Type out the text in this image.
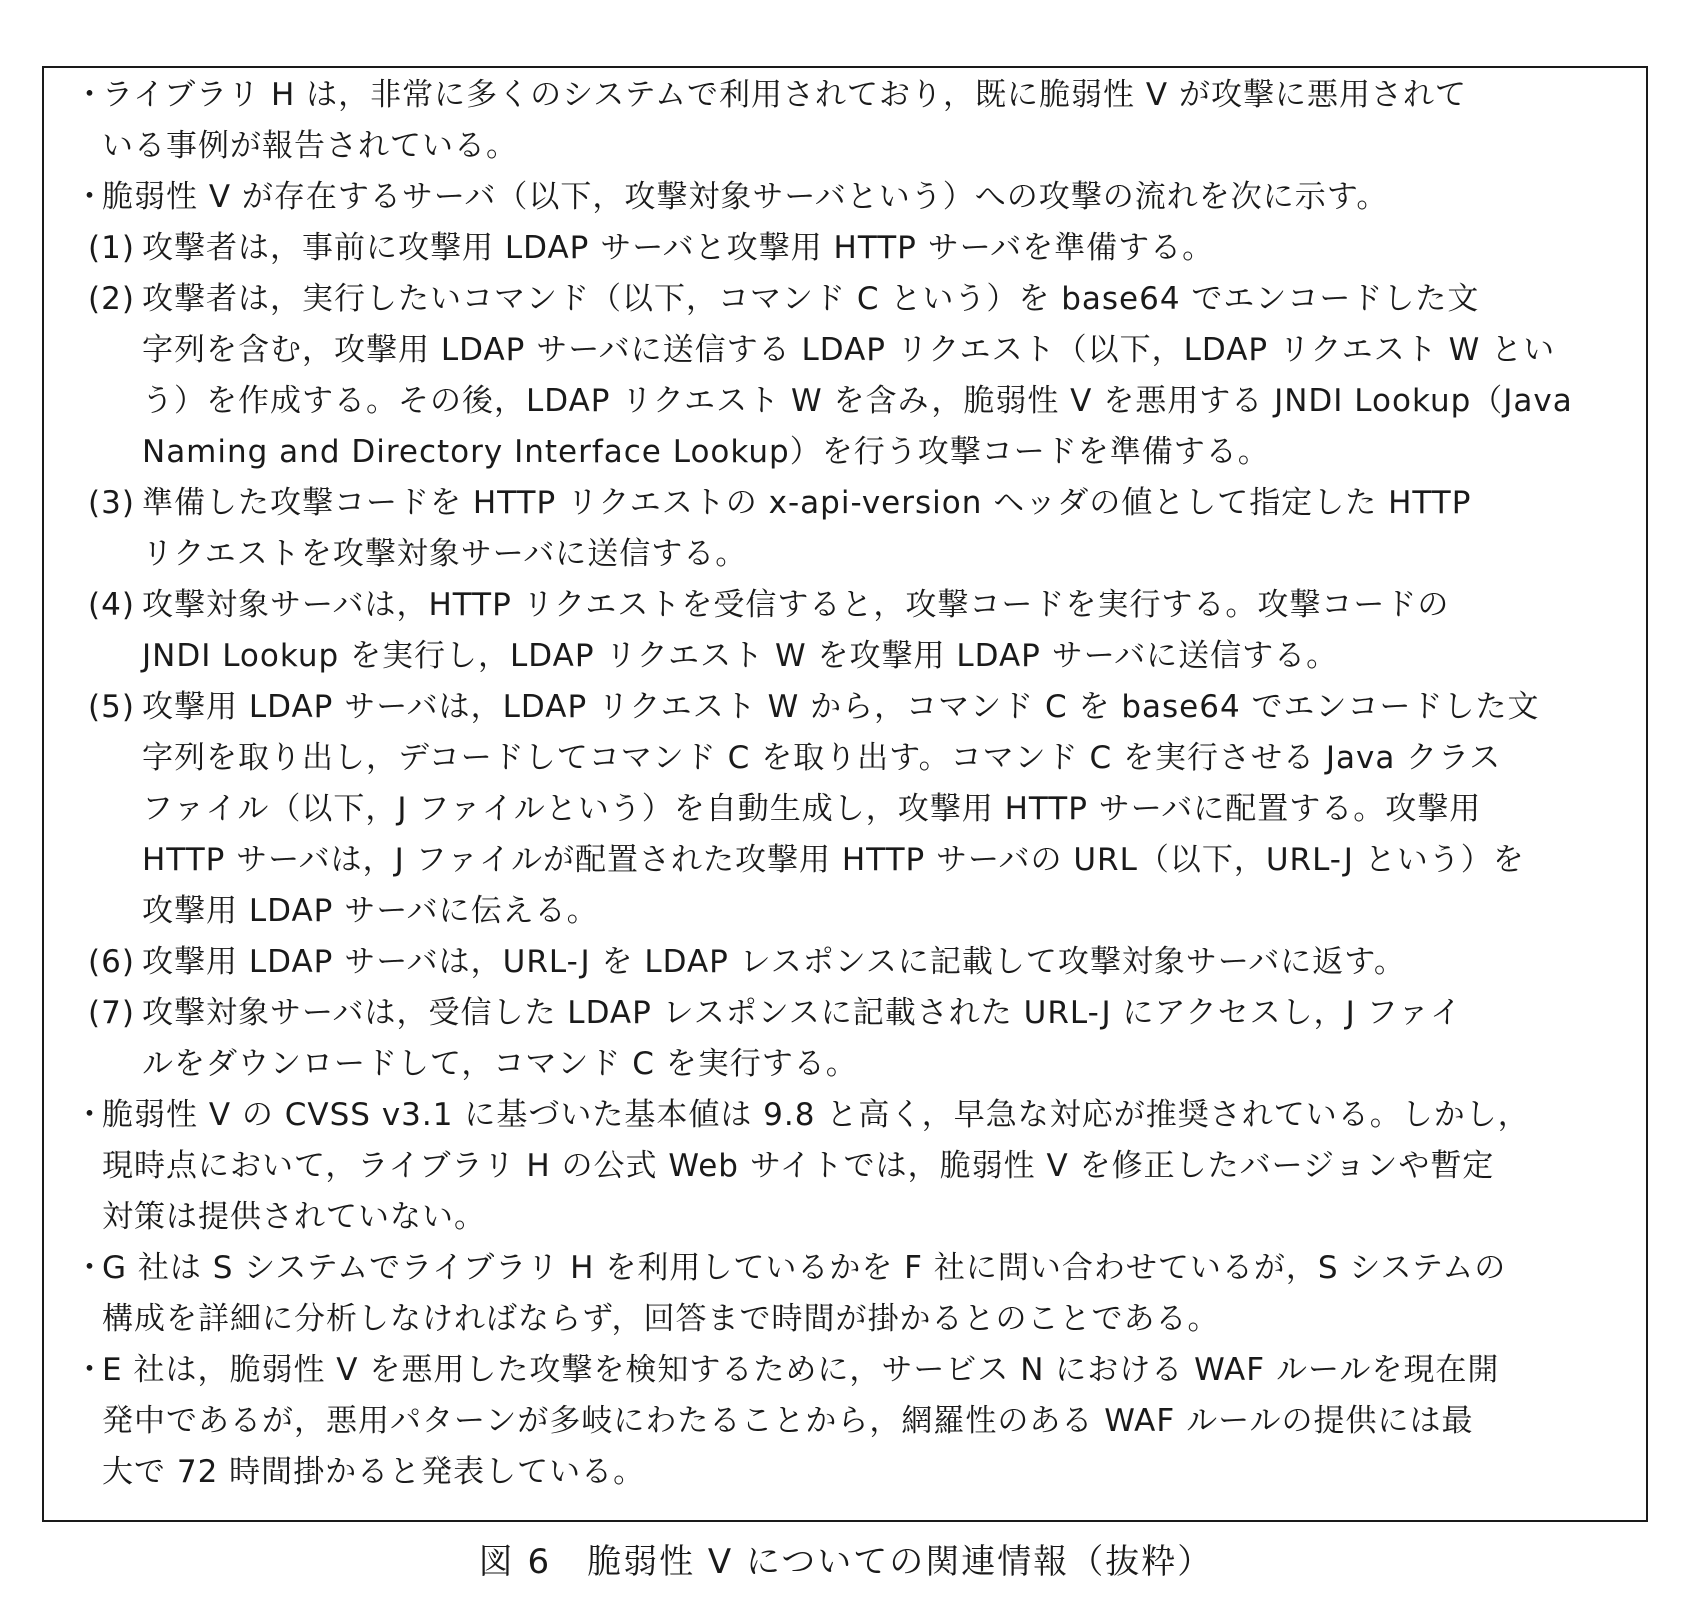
・
ライブラリ H は，非常に多くのシステムで利用されており，既に脆弱性 V が攻撃に悪用されて
いる事例が報告されている。
・
脆弱性 V が存在するサーバ（以下，攻撃対象サーバという）への攻撃の流れを次に示す。
(1) 攻撃者は，事前に攻撃用 LDAP サーバと攻撃用 HTTP サーバを準備する。
(2) 攻撃者は，実行したいコマンド（以下，コマンド C という）を base64 でエンコードした文
字列を含む，攻撃用 LDAP サーバに送信する LDAP リクエスト（以下，LDAP リクエスト W とい
う）を作成する。その後，LDAP リクエスト W を含み，脆弱性 V を悪用する JNDI Lookup（Java
Naming and Directory Interface Lookup）を行う攻撃コードを準備する。
(3) 準備した攻撃コードを HTTP リクエストの x-api-version ヘッダの値として指定した HTTP
リクエストを攻撃対象サーバに送信する。
(4) 攻撃対象サーバは，HTTP リクエストを受信すると，攻撃コードを実行する。攻撃コードの
JNDI Lookup を実行し，LDAP リクエスト W を攻撃用 LDAP サーバに送信する。
(5) 攻撃用 LDAP サーバは，LDAP リクエスト W から，コマンド C を base64 でエンコードした文
字列を取り出し，デコードしてコマンド C を取り出す。コマンド C を実行させる Java クラス
ファイル（以下，J ファイルという）を自動生成し，攻撃用 HTTP サーバに配置する。攻撃用
HTTP サーバは，J ファイルが配置された攻撃用 HTTP サーバの URL（以下，URL-J という）を
攻撃用 LDAP サーバに伝える。
(6) 攻撃用 LDAP サーバは，URL-J を LDAP レスポンスに記載して攻撃対象サーバに返す。
(7) 攻撃対象サーバは，受信した LDAP レスポンスに記載された URL-J にアクセスし，J ファイ
ルをダウンロードして，コマンド C を実行する。
・
脆弱性 V の CVSS v3.1 に基づいた基本値は 9.8 と高く，早急な対応が推奨されている。しかし，
現時点において，ライブラリ H の公式 Web サイトでは，脆弱性 V を修正したバージョンや暫定
対策は提供されていない。
・
G 社は S システムでライブラリ H を利用しているかを F 社に問い合わせているが，S システムの
構成を詳細に分析しなければならず，回答まで時間が掛かるとのことである。
・
E 社は，脆弱性 V を悪用した攻撃を検知するために，サービス N における WAF ルールを現在開
発中であるが，悪用パターンが多岐にわたることから，網羅性のある WAF ルールの提供には最
大で 72 時間掛かると発表している。
図 6　脆弱性 V についての関連情報（抜粋）
